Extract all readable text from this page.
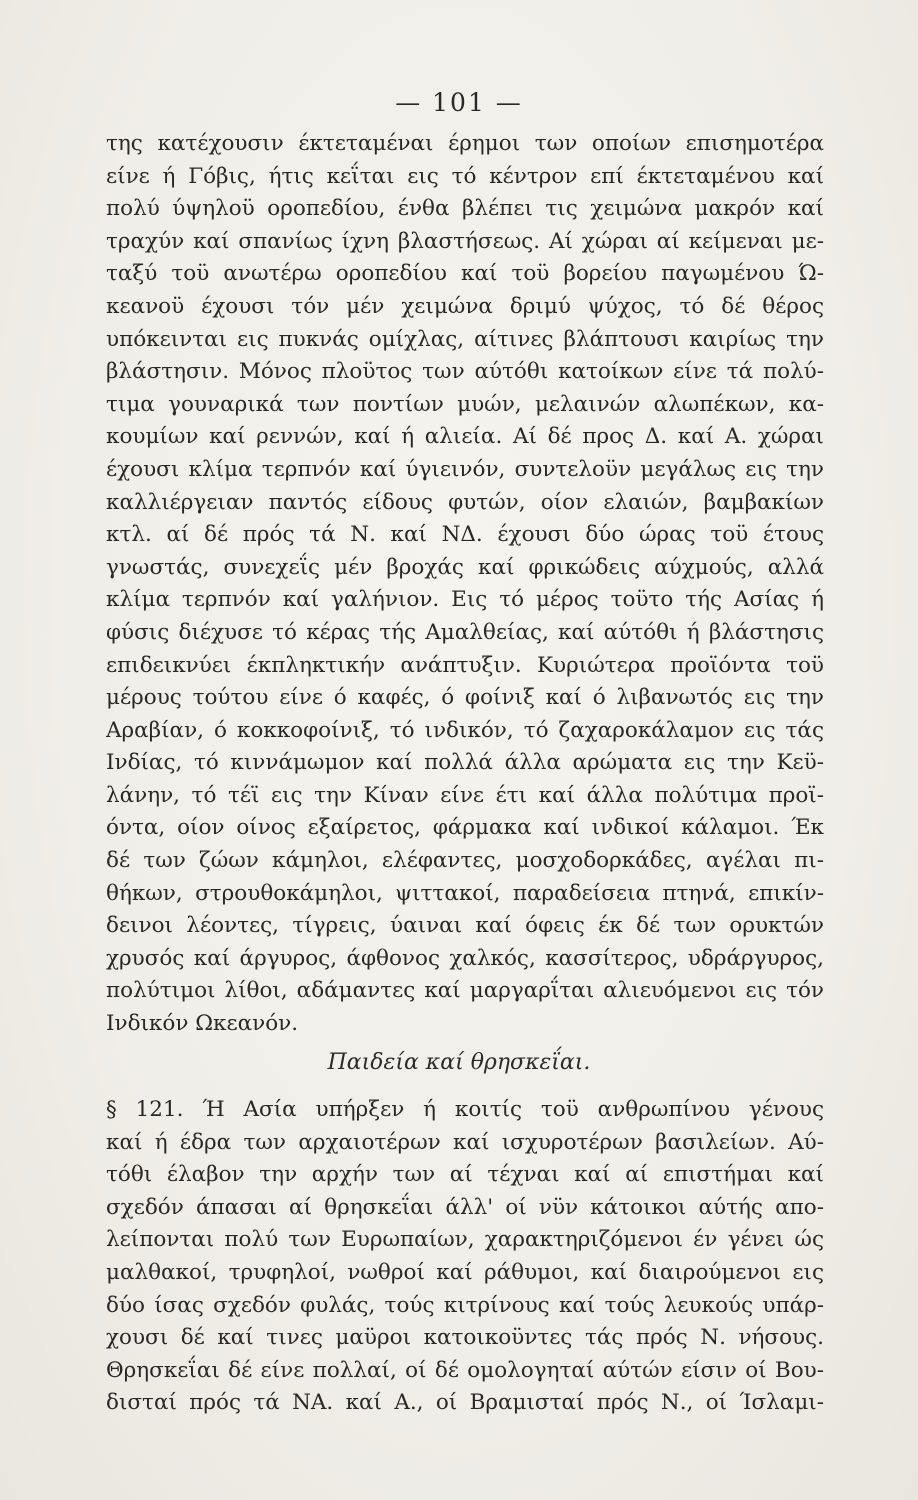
— 101 —
της κατέχουσιν έκτεταμέναι έρημοι των οποίων επισημοτέρα
είνε ή Γόβις, ήτις κεΐται εις τό κέντρον επί έκτεταμένου καί
πολύ ύψηλοϋ οροπεδίου, ένθα βλέπει τις χειμώνα μακρόν καί
τραχύν καί σπανίως ίχνη βλαστήσεως. Αί χώραι αί κείμεναι με-
ταξύ τοϋ ανωτέρω οροπεδίου καί τοϋ βορείου παγωμένου Ώ-
κεανοϋ έχουσι τόν μέν χειμώνα δριμύ ψύχος, τό δέ θέρος
υπόκεινται εις πυκνάς ομίχλας, αίτινες βλάπτουσι καιρίως την
βλάστησιν. Μόνος πλοϋτος των αύτόθι κατοίκων είνε τά πολύ-
τιμα γουναρικά των ποντίων μυών, μελαινών αλωπέκων, κα-
κουμίων καί ρεννών, καί ή αλιεία. Αί δέ προς Δ. καί Α. χώραι
έχουσι κλίμα τερπνόν καί ύγιεινόν, συντελοϋν μεγάλως εις την
καλλιέργειαν παντός είδους φυτών, οίον ελαιών, βαμβακίων
κτλ. αί δέ πρός τά Ν. καί ΝΔ. έχουσι δύο ώρας τοϋ έτους
γνωστάς, συνεχεΐς μέν βροχάς καί φρικώδεις αύχμούς, αλλά
κλίμα τερπνόν καί γαλήνιον. Εις τό μέρος τοϋτο τής Ασίας ή
φύσις διέχυσε τό κέρας τής Αμαλθείας, καί αύτόθι ή βλάστησις
επιδεικνύει έκπληκτικήν ανάπτυξιν. Κυριώτερα προϊόντα τοϋ
μέρους τούτου είνε ό καφές, ό φοίνιξ καί ό λιβανωτός εις την
Αραβίαν, ό κοκκοφοίνιξ, τό ινδικόν, τό ζαχαροκάλαμον εις τάς
Ινδίας, τό κιννάμωμον καί πολλά άλλα αρώματα εις την Κεϋ-
λάνην, τό τέϊ εις την Κίναν είνε έτι καί άλλα πολύτιμα προϊ-
όντα, οίον οίνος εξαίρετος, φάρμακα καί ινδικοί κάλαμοι. Έκ
δέ των ζώων κάμηλοι, ελέφαντες, μοσχοδορκάδες, αγέλαι πι-
θήκων, στρουθοκάμηλοι, ψιττακοί, παραδείσεια πτηνά, επικίν-
δεινοι λέοντες, τίγρεις, ύαιναι καί όφεις έκ δέ των ορυκτών
χρυσός καί άργυρος, άφθονος χαλκός, κασσίτερος, υδράργυρος,
πολύτιμοι λίθοι, αδάμαντες καί μαργαρΐται αλιευόμενοι εις τόν
Ινδικόν Ωκεανόν.
Παιδεία καί θρησκεΐαι.
§ 121. Ή Ασία υπήρξεν ή κοιτίς τοϋ ανθρωπίνου γένους
καί ή έδρα των αρχαιοτέρων καί ισχυροτέρων βασιλείων. Αύ-
τόθι έλαβον την αρχήν των αί τέχναι καί αί επιστήμαι καί
σχεδόν άπασαι αί θρησκεΐαι άλλ' οί νϋν κάτοικοι αύτής απο-
λείπονται πολύ των Ευρωπαίων, χαρακτηριζόμενοι έν γένει ώς
μαλθακοί, τρυφηλοί, νωθροί καί ράθυμοι, καί διαιρούμενοι εις
δύο ίσας σχεδόν φυλάς, τούς κιτρίνους καί τούς λευκούς υπάρ-
χουσι δέ καί τινες μαϋροι κατοικοϋντες τάς πρός Ν. νήσους.
Θρησκεΐαι δέ είνε πολλαί, οί δέ ομολογηταί αύτών είσιν οί Βου-
δισταί πρός τά ΝΑ. καί Α., οί Βραμισταί πρός Ν., οί Ίσλαμι-
